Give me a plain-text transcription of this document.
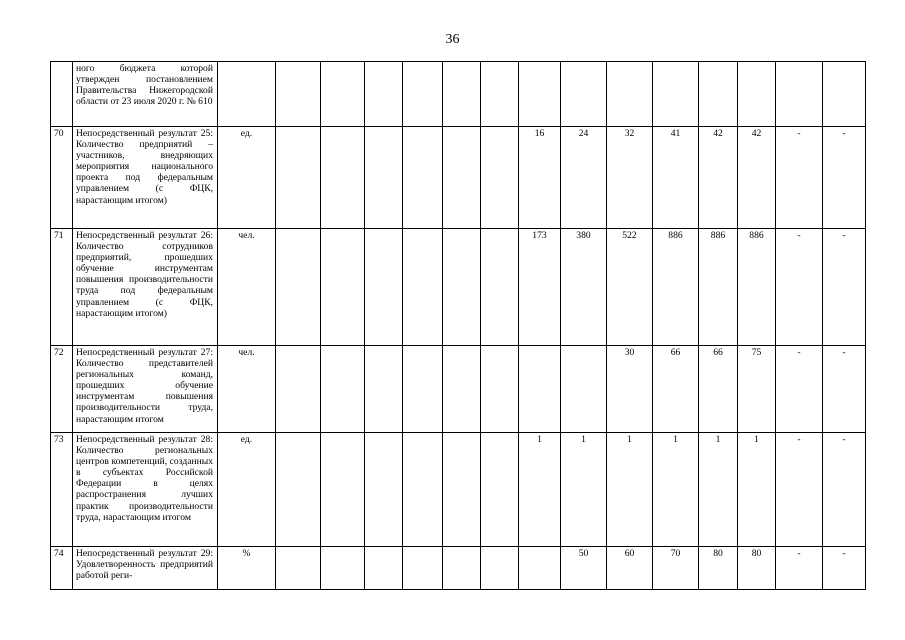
36
	ного бюджета которой утвержден постановлением Правительства Нижегородской области от 23 июля 2020 г. № 610															
70	Непосредственный результат 25: Количество предприятий – участников, внедряющих мероприятия национального проекта под федеральным управлением (с ФЦК, нарастающим итогом)	ед.							16	24	32	41	42	42	-	-
71	Непосредственный результат 26: Количество сотрудников предприятий, прошедших обучение инструментам повышения производительности труда под федеральным управлением (с ФЦК, нарастающим итогом)	чел.							173	380	522	886	886	886	-	-
72	Непосредственный результат 27: Количество представителей региональных команд, прошедших обучение инструментам повышения производительности труда, нарастающим итогом	чел.									30	66	66	75	-	-
73	Непосредственный результат 28: Количество региональных центров компетенций, созданных в субъектах Российской Федерации в целях распространения лучших практик производительности труда, нарастающим итогом	ед.							1	1	1	1	1	1	-	-
74	Непосредственный результат 29: Удовлетворенность предприятий работой реги-	%								50	60	70	80	80	-	-
